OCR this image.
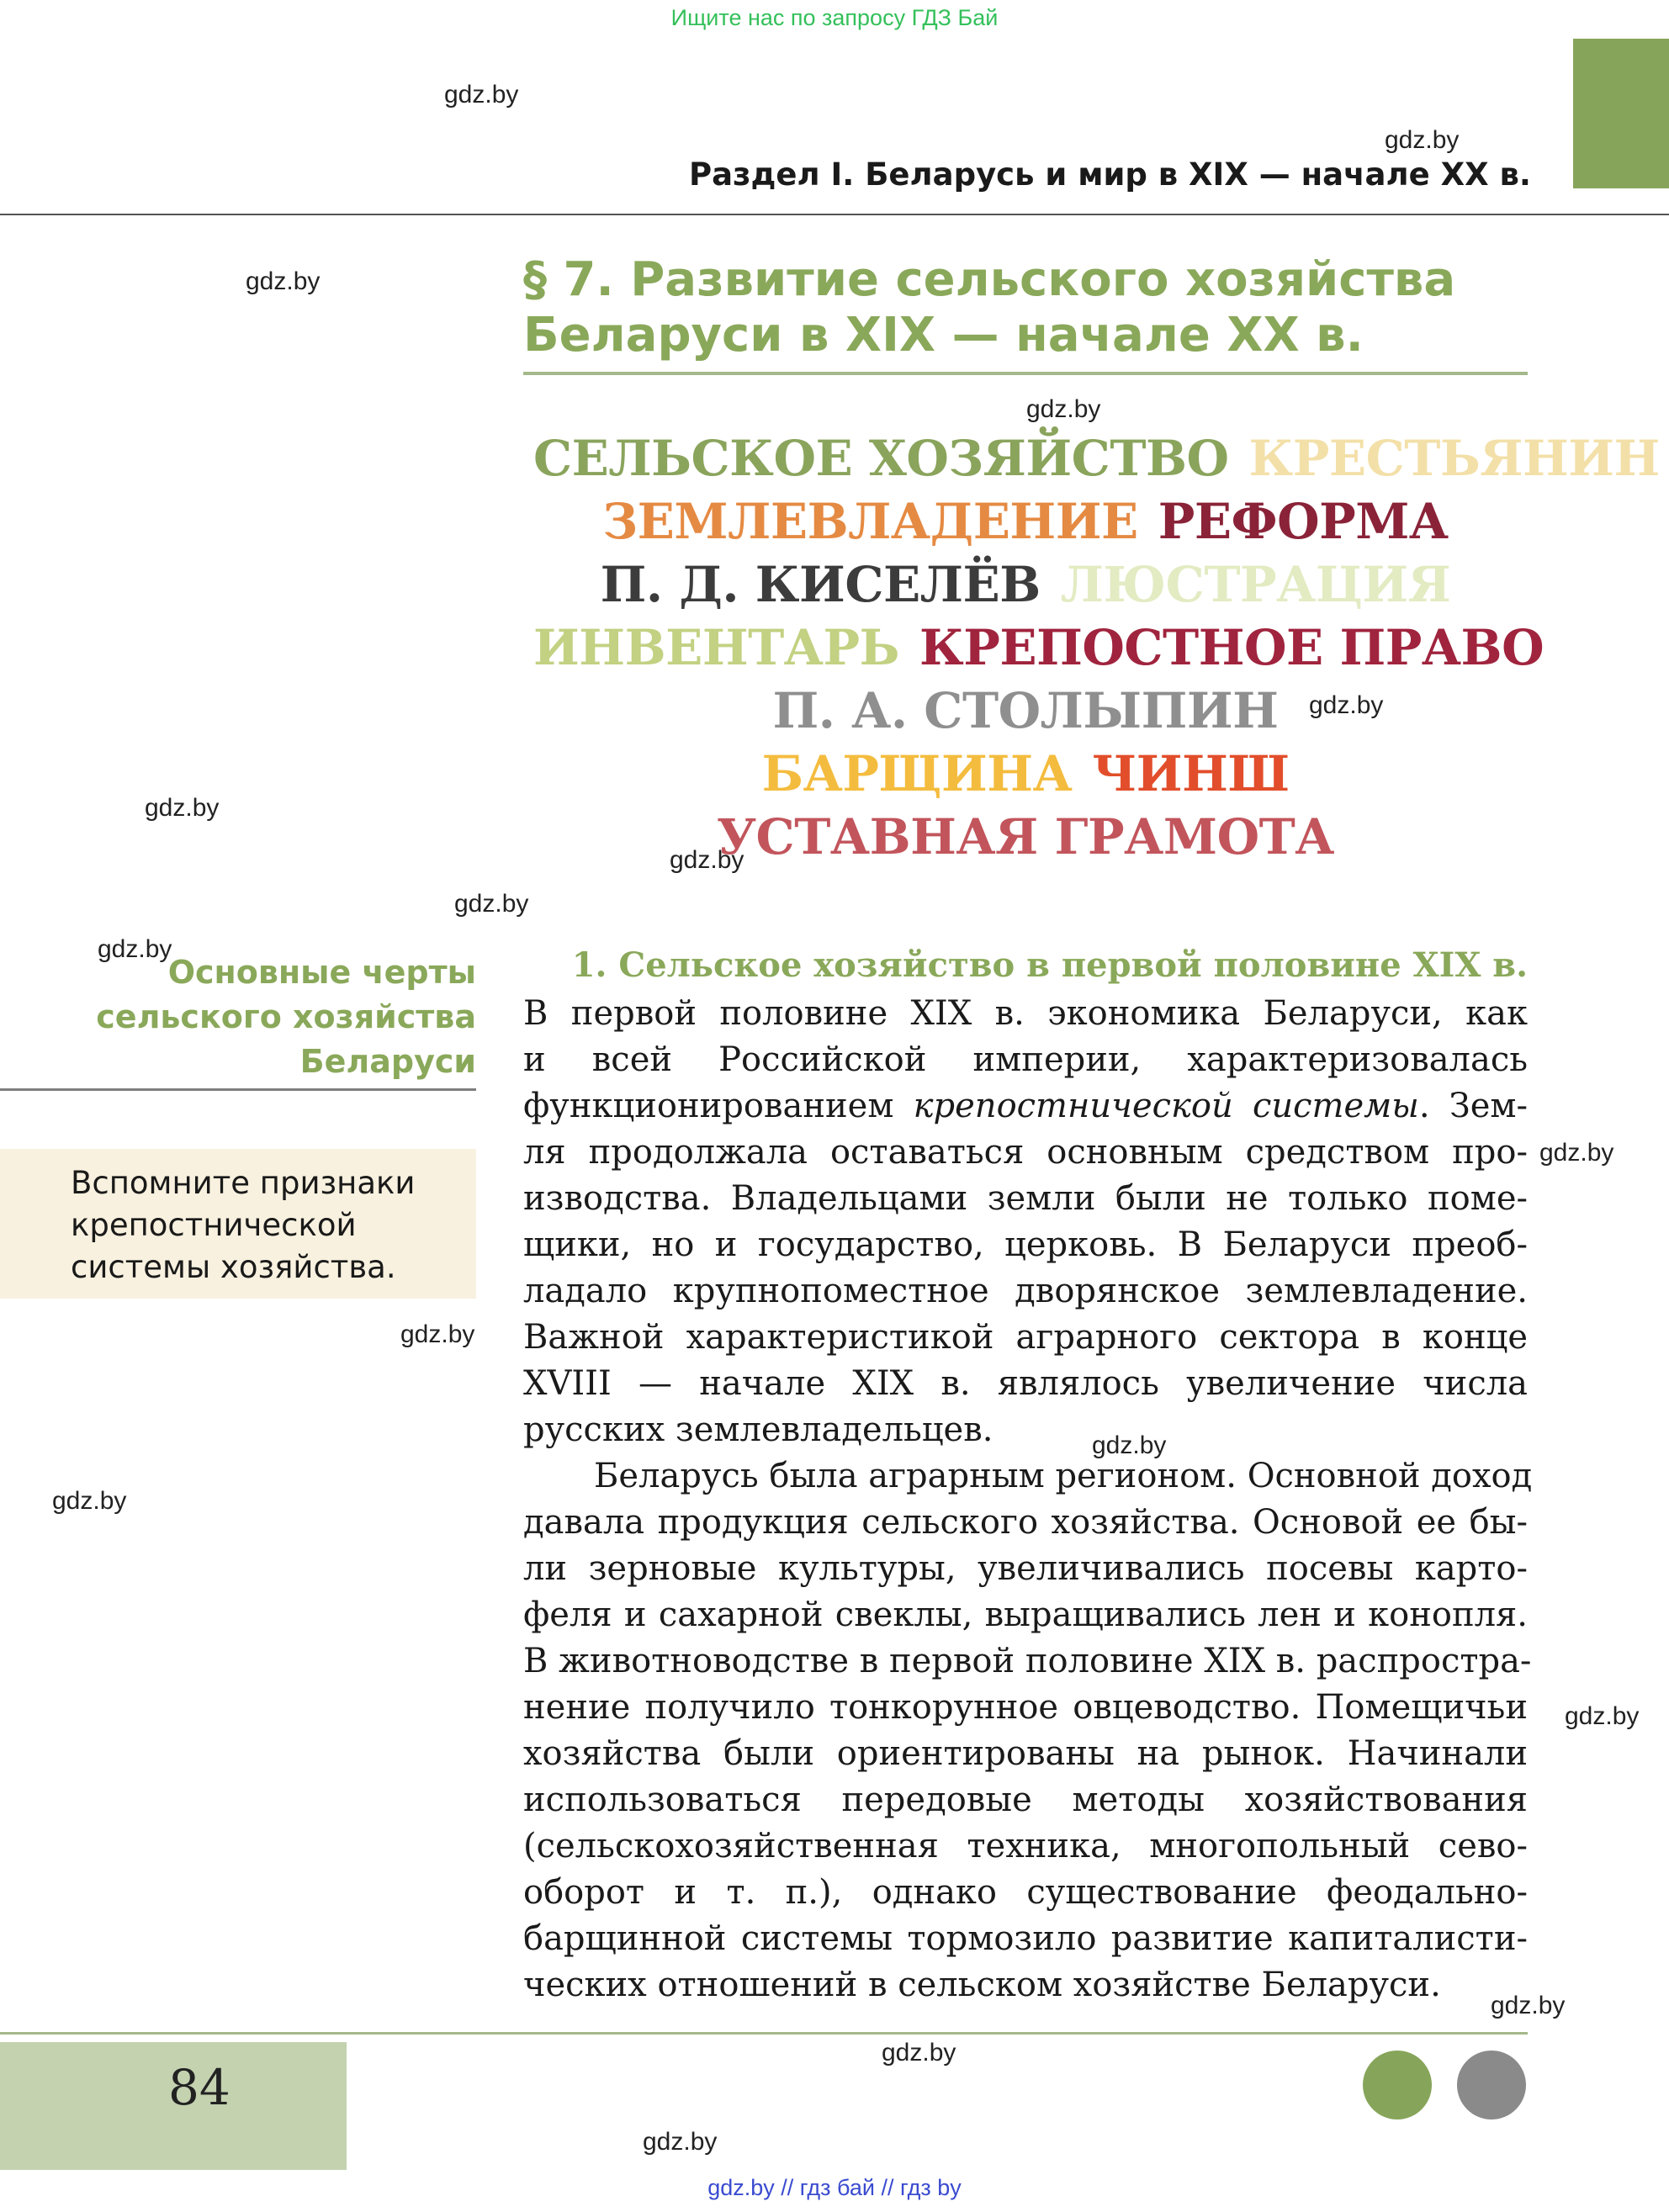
Ищите нас по запросу ГДЗ Бай
Раздел I. Беларусь и мир в XIX — начале XX в.
gdz.by
gdz.by
gdz.by
gdz.by
gdz.by
gdz.by
gdz.by
gdz.by
gdz.by
gdz.by
gdz.by
gdz.by
gdz.by
gdz.by
gdz.by
gdz.by
gdz.by
§ 7. Развитие сельского хозяйства
Беларуси в XIX — начале XX в.
СЕЛЬСКОЕ ХОЗЯЙСТВО КРЕСТЬЯНИН
ЗЕМЛЕВЛАДЕНИЕ РЕФОРМА
П. Д. КИСЕЛЁВ ЛЮСТРАЦИЯ
ИНВЕНТАРЬ КРЕПОСТНОЕ ПРАВО
П. А. СТОЛЫПИН
БАРЩИНА ЧИНШ
УСТАВНАЯ ГРАМОТА
Основные черты
сельского хозяйства
Беларуси
Вспомните признаки
крепостнической
системы хозяйства.
1. Сельское хозяйство в первой половине XIX в.
В первой половине XIX в. экономика Беларуси, как
и всей Российской империи, характеризовалась
функционированием крепостнической системы. Зем-
ля продолжала оставаться основным средством про-
изводства. Владельцами земли были не только поме-
щики, но и государство, церковь. В Беларуси преоб-
ладало крупнопоместное дворянское землевладение.
Важной характеристикой аграрного сектора в конце
XVIII — начале XIX в. являлось увеличение числа
русских землевладельцев.
Беларусь была аграрным регионом. Основной доход
давала продукция сельского хозяйства. Основой ее бы-
ли зерновые культуры, увеличивались посевы карто-
феля и сахарной свеклы, выращивались лен и конопля.
В животноводстве в первой половине XIX в. распростра-
нение получило тонкорунное овцеводство. Помещичьи
хозяйства были ориентированы на рынок. Начинали
использоваться передовые методы хозяйствования
(сельскохозяйственная техника, многопольный сево-
оборот и т. п.), однако существование феодально-
барщинной системы тормозило развитие капиталисти-
ческих отношений в сельском хозяйстве Беларуси.
84
gdz.by // гдз бай // гдз by
